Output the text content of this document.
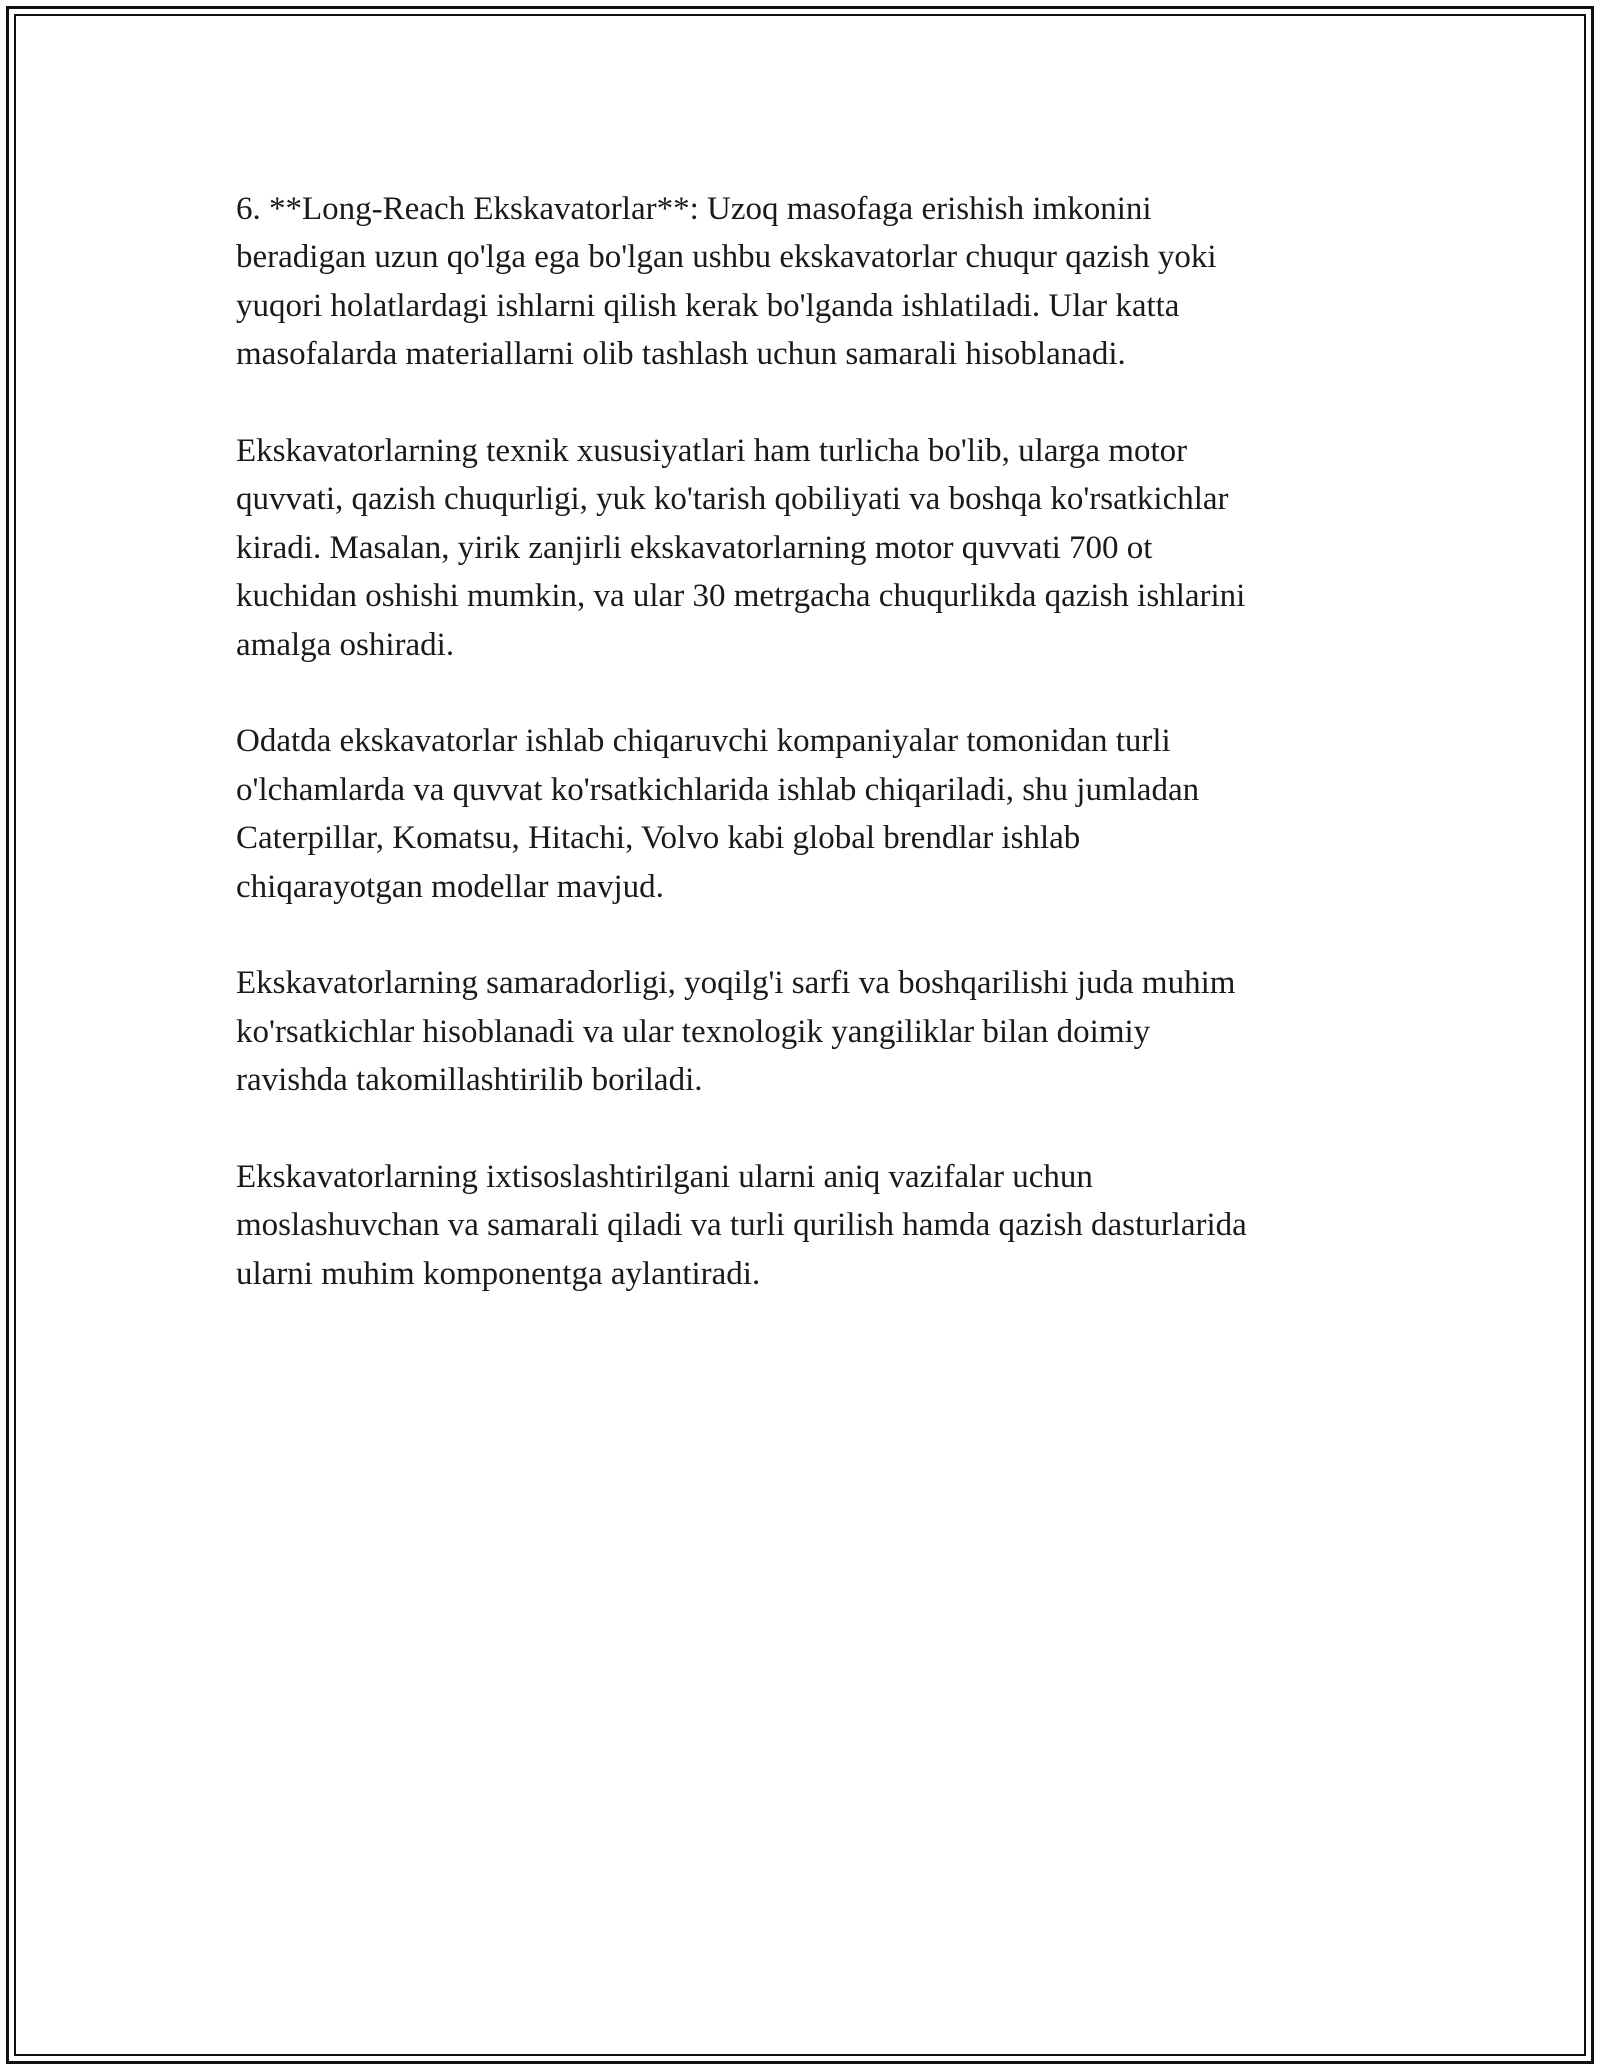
6. **Long-Reach Ekskavatorlar**: Uzoq masofaga erishish imkonini
beradigan uzun qo'lga ega bo'lgan ushbu ekskavatorlar chuqur qazish yoki
yuqori holatlardagi ishlarni qilish kerak bo'lganda ishlatiladi. Ular katta
masofalarda materiallarni olib tashlash uchun samarali hisoblanadi.

Ekskavatorlarning texnik xususiyatlari ham turlicha bo'lib, ularga motor
quvvati, qazish chuqurligi, yuk ko'tarish qobiliyati va boshqa ko'rsatkichlar
kiradi. Masalan, yirik zanjirli ekskavatorlarning motor quvvati 700 ot
kuchidan oshishi mumkin, va ular 30 metrgacha chuqurlikda qazish ishlarini
amalga oshiradi.

Odatda ekskavatorlar ishlab chiqaruvchi kompaniyalar tomonidan turli
o'lchamlarda va quvvat ko'rsatkichlarida ishlab chiqariladi, shu jumladan
Caterpillar, Komatsu, Hitachi, Volvo kabi global brendlar ishlab
chiqarayotgan modellar mavjud.

Ekskavatorlarning samaradorligi, yoqilg'i sarfi va boshqarilishi juda muhim
ko'rsatkichlar hisoblanadi va ular texnologik yangiliklar bilan doimiy
ravishda takomillashtirilib boriladi.

Ekskavatorlarning ixtisoslashtirilgani ularni aniq vazifalar uchun
moslashuvchan va samarali qiladi va turli qurilish hamda qazish dasturlarida
ularni muhim komponentga aylantiradi.
